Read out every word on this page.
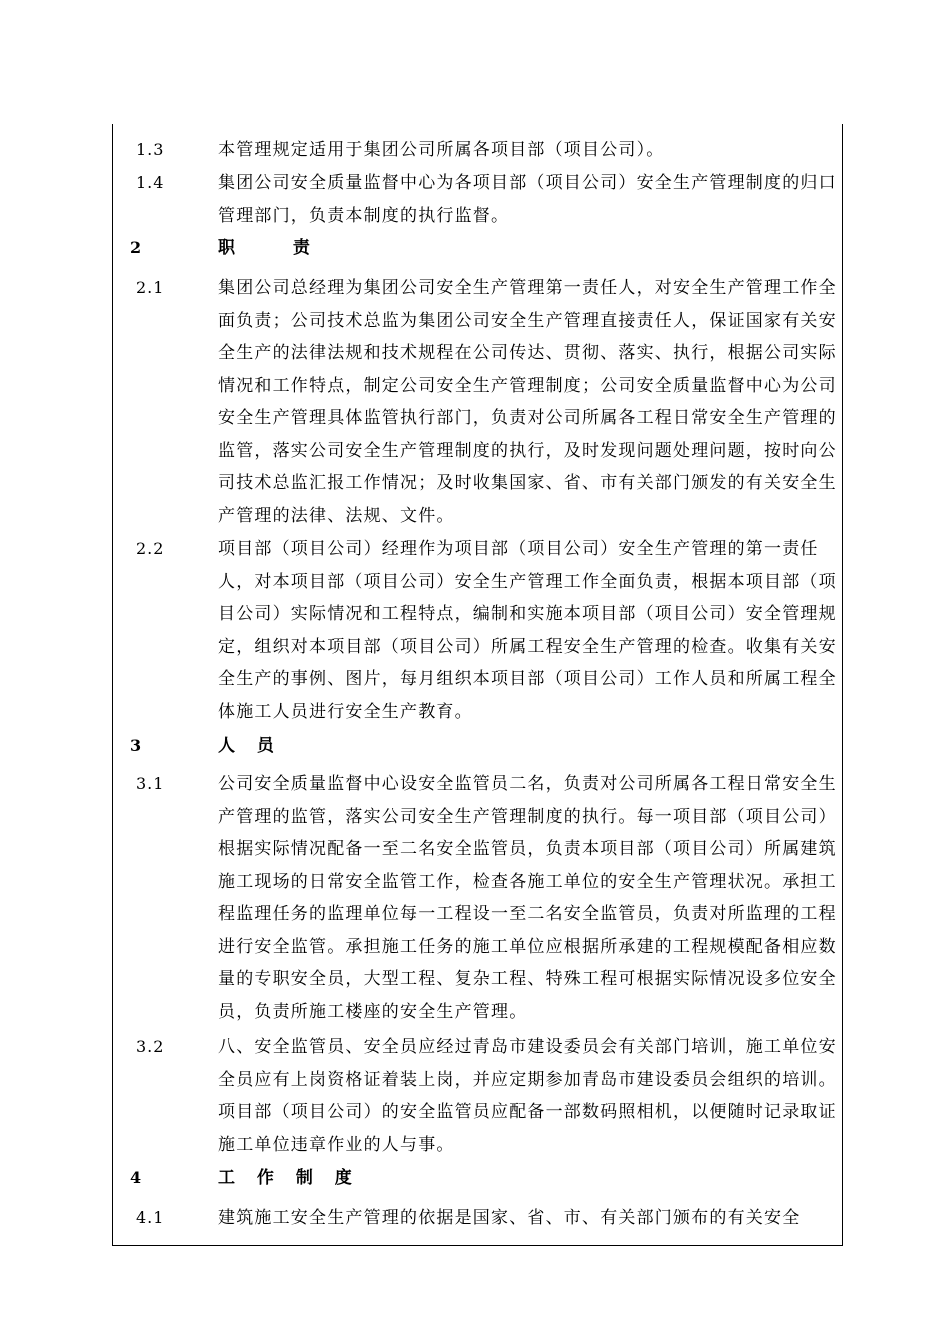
1.3	本管理规定适用于集团公司所属各项目部（项目公司）。
1.4	集团公司安全质量监督中心为各项目部（项目公司）安全生产管理制度的归口管理部门，负责本制度的执行监督。
2	职 责
2.1	集团公司总经理为集团公司安全生产管理第一责任人，对安全生产管理工作全面负责；公司技术总监为集团公司安全生产管理直接责任人，保证国家有关安全生产的法律法规和技术规程在公司传达、贯彻、落实、执行，根据公司实际情况和工作特点，制定公司安全生产管理制度；公司安全质量监督中心为公司安全生产管理具体监管执行部门，负责对公司所属各工程日常安全生产管理的监管，落实公司安全生产管理制度的执行，及时发现问题处理问题，按时向公司技术总监汇报工作情况；及时收集国家、省、市有关部门颁发的有关安全生产管理的法律、法规、文件。
2.2	项目部（项目公司）经理作为项目部（项目公司）安全生产管理的第一责任人，对本项目部（项目公司）安全生产管理工作全面负责，根据本项目部（项目公司）实际情况和工程特点，编制和实施本项目部（项目公司）安全管理规定，组织对本项目部（项目公司）所属工程安全生产管理的检查。收集有关安全生产的事例、图片，每月组织本项目部（项目公司）工作人员和所属工程全体施工人员进行安全生产教育。
3	人 员
3.1	公司安全质量监督中心设安全监管员二名，负责对公司所属各工程日常安全生产管理的监管，落实公司安全生产管理制度的执行。每一项目部（项目公司）根据实际情况配备一至二名安全监管员，负责本项目部（项目公司）所属建筑施工现场的日常安全监管工作，检查各施工单位的安全生产管理状况。承担工程监理任务的监理单位每一工程设一至二名安全监管员，负责对所监理的工程进行安全监管。承担施工任务的施工单位应根据所承建的工程规模配备相应数量的专职安全员，大型工程、复杂工程、特殊工程可根据实际情况设多位安全员，负责所施工楼座的安全生产管理。
3.2	八、安全监管员、安全员应经过青岛市建设委员会有关部门培训，施工单位安全员应有上岗资格证着装上岗，并应定期参加青岛市建设委员会组织的培训。项目部（项目公司）的安全监管员应配备一部数码照相机，以便随时记录取证施工单位违章作业的人与事。
4	工 作 制 度
4.1	建筑施工安全生产管理的依据是国家、省、市、有关部门颁布的有关安全
